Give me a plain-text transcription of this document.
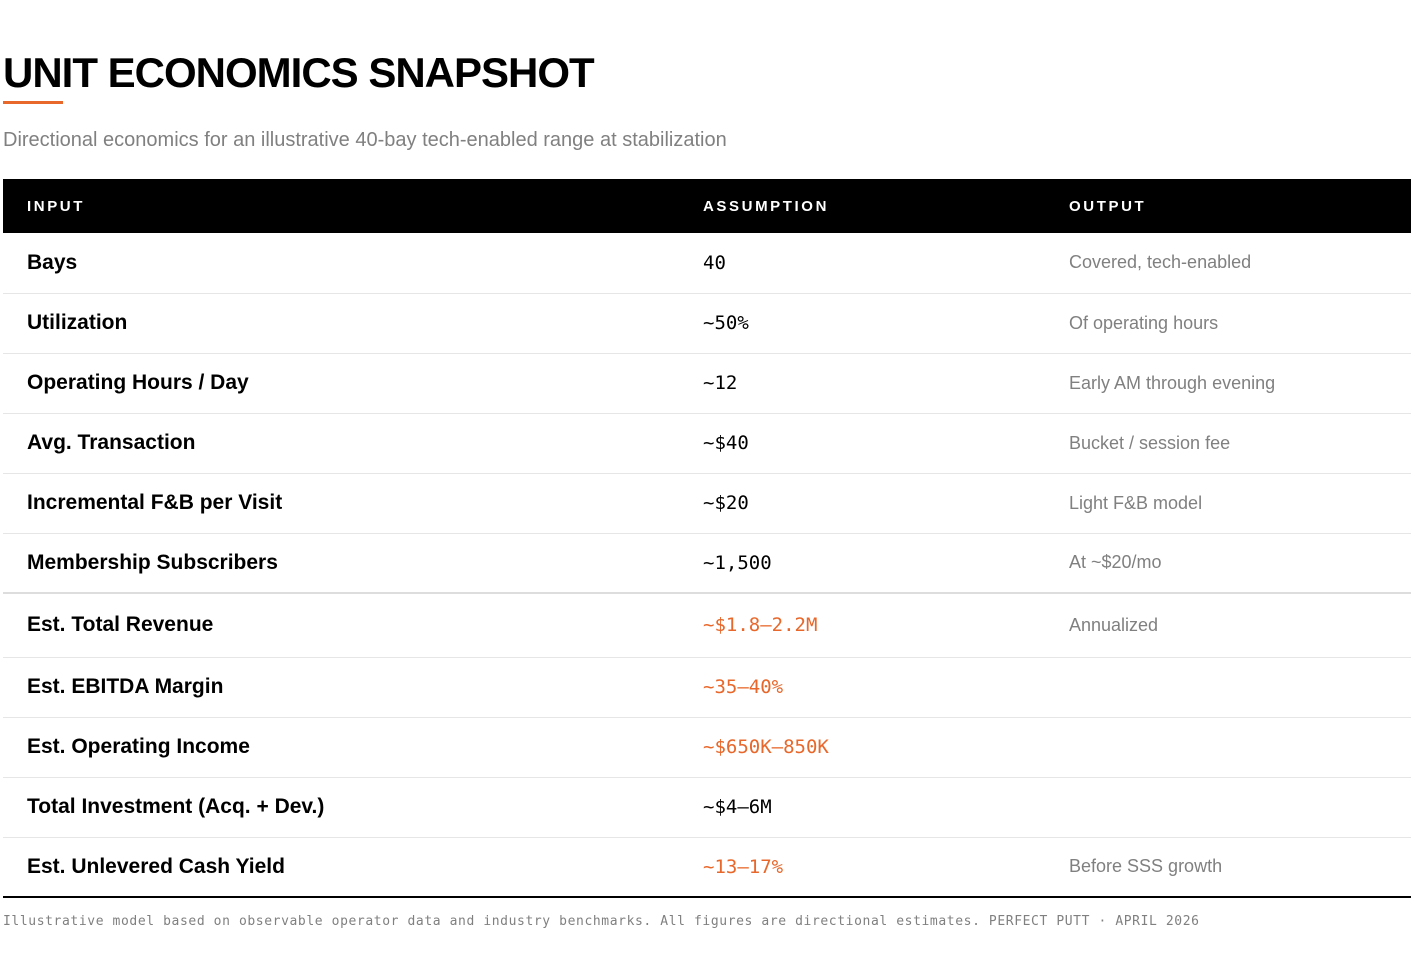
UNIT ECONOMICS SNAPSHOT
Directional economics for an illustrative 40-bay tech-enabled range at stabilization
INPUT	ASSUMPTION	OUTPUT
Bays	40	Covered, tech-enabled
Utilization	~50%	Of operating hours
Operating Hours / Day	~12	Early AM through evening
Avg. Transaction	~$40	Bucket / session fee
Incremental F&B per Visit	~$20	Light F&B model
Membership Subscribers	~1,500	At ~$20/mo
Est. Total Revenue	~$1.8–2.2M	Annualized
Est. EBITDA Margin	~35–40%	
Est. Operating Income	~$650K–850K	
Total Investment (Acq. + Dev.)	~$4–6M	
Est. Unlevered Cash Yield	~13–17%	Before SSS growth
Illustrative model based on observable operator data and industry benchmarks. All figures are directional estimates. PERFECT PUTT · APRIL 2026
